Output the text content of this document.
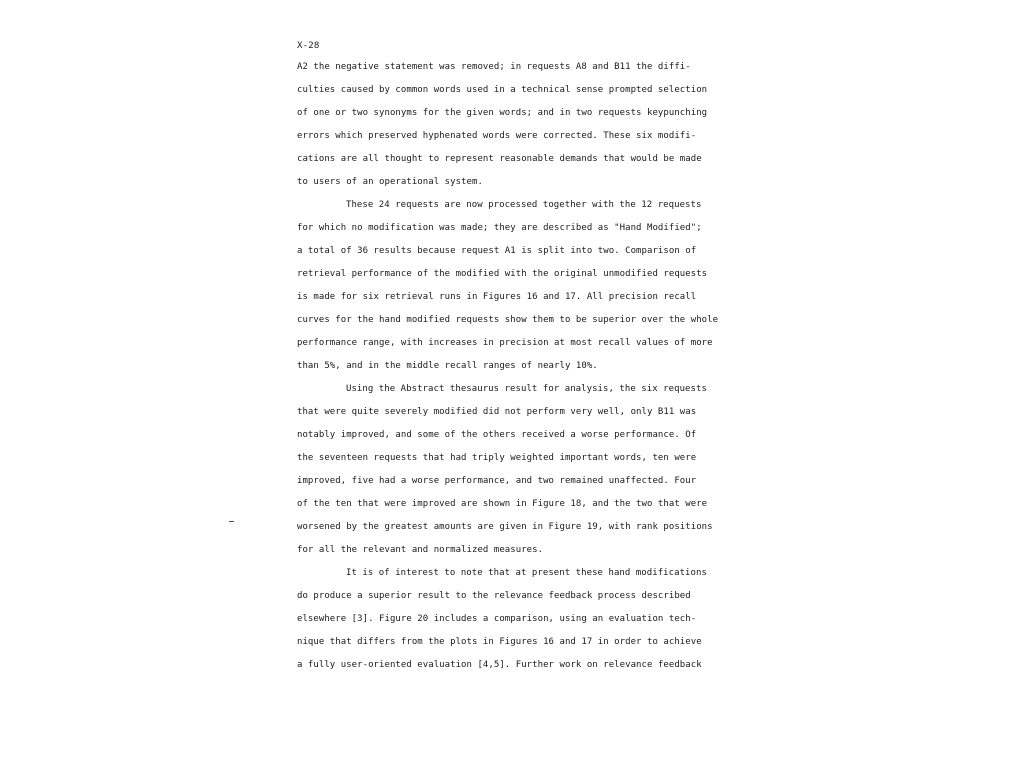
X-28
A2 the negative statement was removed; in requests A8 and B11 the diffi-
culties caused by common words used in a technical sense prompted selection
of one or two synonyms for the given words; and in two requests keypunching
errors which preserved hyphenated words were corrected. These six modifi-
cations are all thought to represent reasonable demands that would be made
to users of an operational system.
These 24 requests are now processed together with the 12 requests
for which no modification was made; they are described as "Hand Modified";
a total of 36 results because request A1 is split into two. Comparison of
retrieval performance of the modified with the original unmodified requests
is made for six retrieval runs in Figures 16 and 17. All precision recall
curves for the hand modified requests show them to be superior over the whole
performance range, with increases in precision at most recall values of more
than 5%, and in the middle recall ranges of nearly 10%.
Using the Abstract thesaurus result for analysis, the six requests
that were quite severely modified did not perform very well, only B11 was
notably improved, and some of the others received a worse performance. Of
the seventeen requests that had triply weighted important words, ten were
improved, five had a worse performance, and two remained unaffected. Four
of the ten that were improved are shown in Figure 18, and the two that were
worsened by the greatest amounts are given in Figure 19, with rank positions
for all the relevant and normalized measures.
It is of interest to note that at present these hand modifications
do produce a superior result to the relevance feedback process described
elsewhere [3]. Figure 20 includes a comparison, using an evaluation tech-
nique that differs from the plots in Figures 16 and 17 in order to achieve
a fully user-oriented evaluation [4,5]. Further work on relevance feedback
